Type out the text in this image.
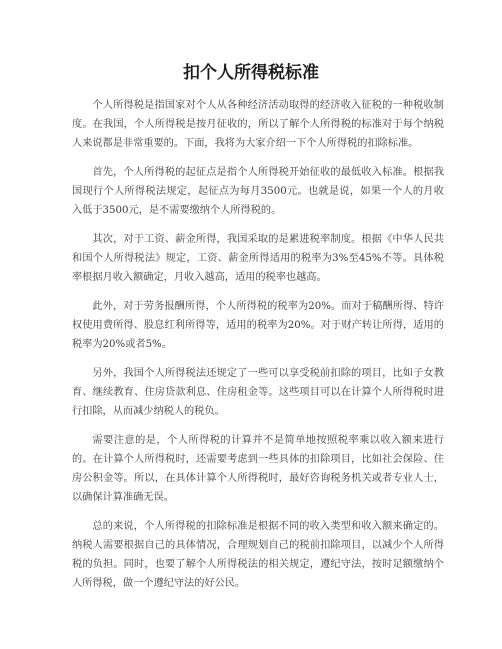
扣个人所得税标准

个人所得税是指国家对个人从各种经济活动取得的经济收入征税的一种税收制度。在我国，个人所得税是按月征收的，所以了解个人所得税的标准对于每个纳税人来说都是非常重要的。下面，我将为大家介绍一下个人所得税的扣除标准。

首先，个人所得税的起征点是指个人所得税开始征收的最低收入标准。根据我国现行个人所得税法规定，起征点为每月3500元。也就是说，如果一个人的月收入低于3500元，是不需要缴纳个人所得税的。

其次，对于工资、薪金所得，我国采取的是累进税率制度。根据《中华人民共和国个人所得税法》规定，工资、薪金所得适用的税率为3%至45%不等。具体税率根据月收入额确定，月收入越高，适用的税率也越高。

此外，对于劳务报酬所得，个人所得税的税率为20%。而对于稿酬所得、特许权使用费所得、股息红利所得等，适用的税率为20%。对于财产转让所得，适用的税率为20%或者5%。

另外，我国个人所得税法还规定了一些可以享受税前扣除的项目，比如子女教育、继续教育、住房贷款利息、住房租金等。这些项目可以在计算个人所得税时进行扣除，从而减少纳税人的税负。

需要注意的是，个人所得税的计算并不是简单地按照税率乘以收入额来进行的。在计算个人所得税时，还需要考虑到一些具体的扣除项目，比如社会保险、住房公积金等。所以，在具体计算个人所得税时，最好咨询税务机关或者专业人士，以确保计算准确无误。

总的来说，个人所得税的扣除标准是根据不同的收入类型和收入额来确定的。纳税人需要根据自己的具体情况，合理规划自己的税前扣除项目，以减少个人所得税的负担。同时，也要了解个人所得税法的相关规定，遵纪守法，按时足额缴纳个人所得税，做一个遵纪守法的好公民。
